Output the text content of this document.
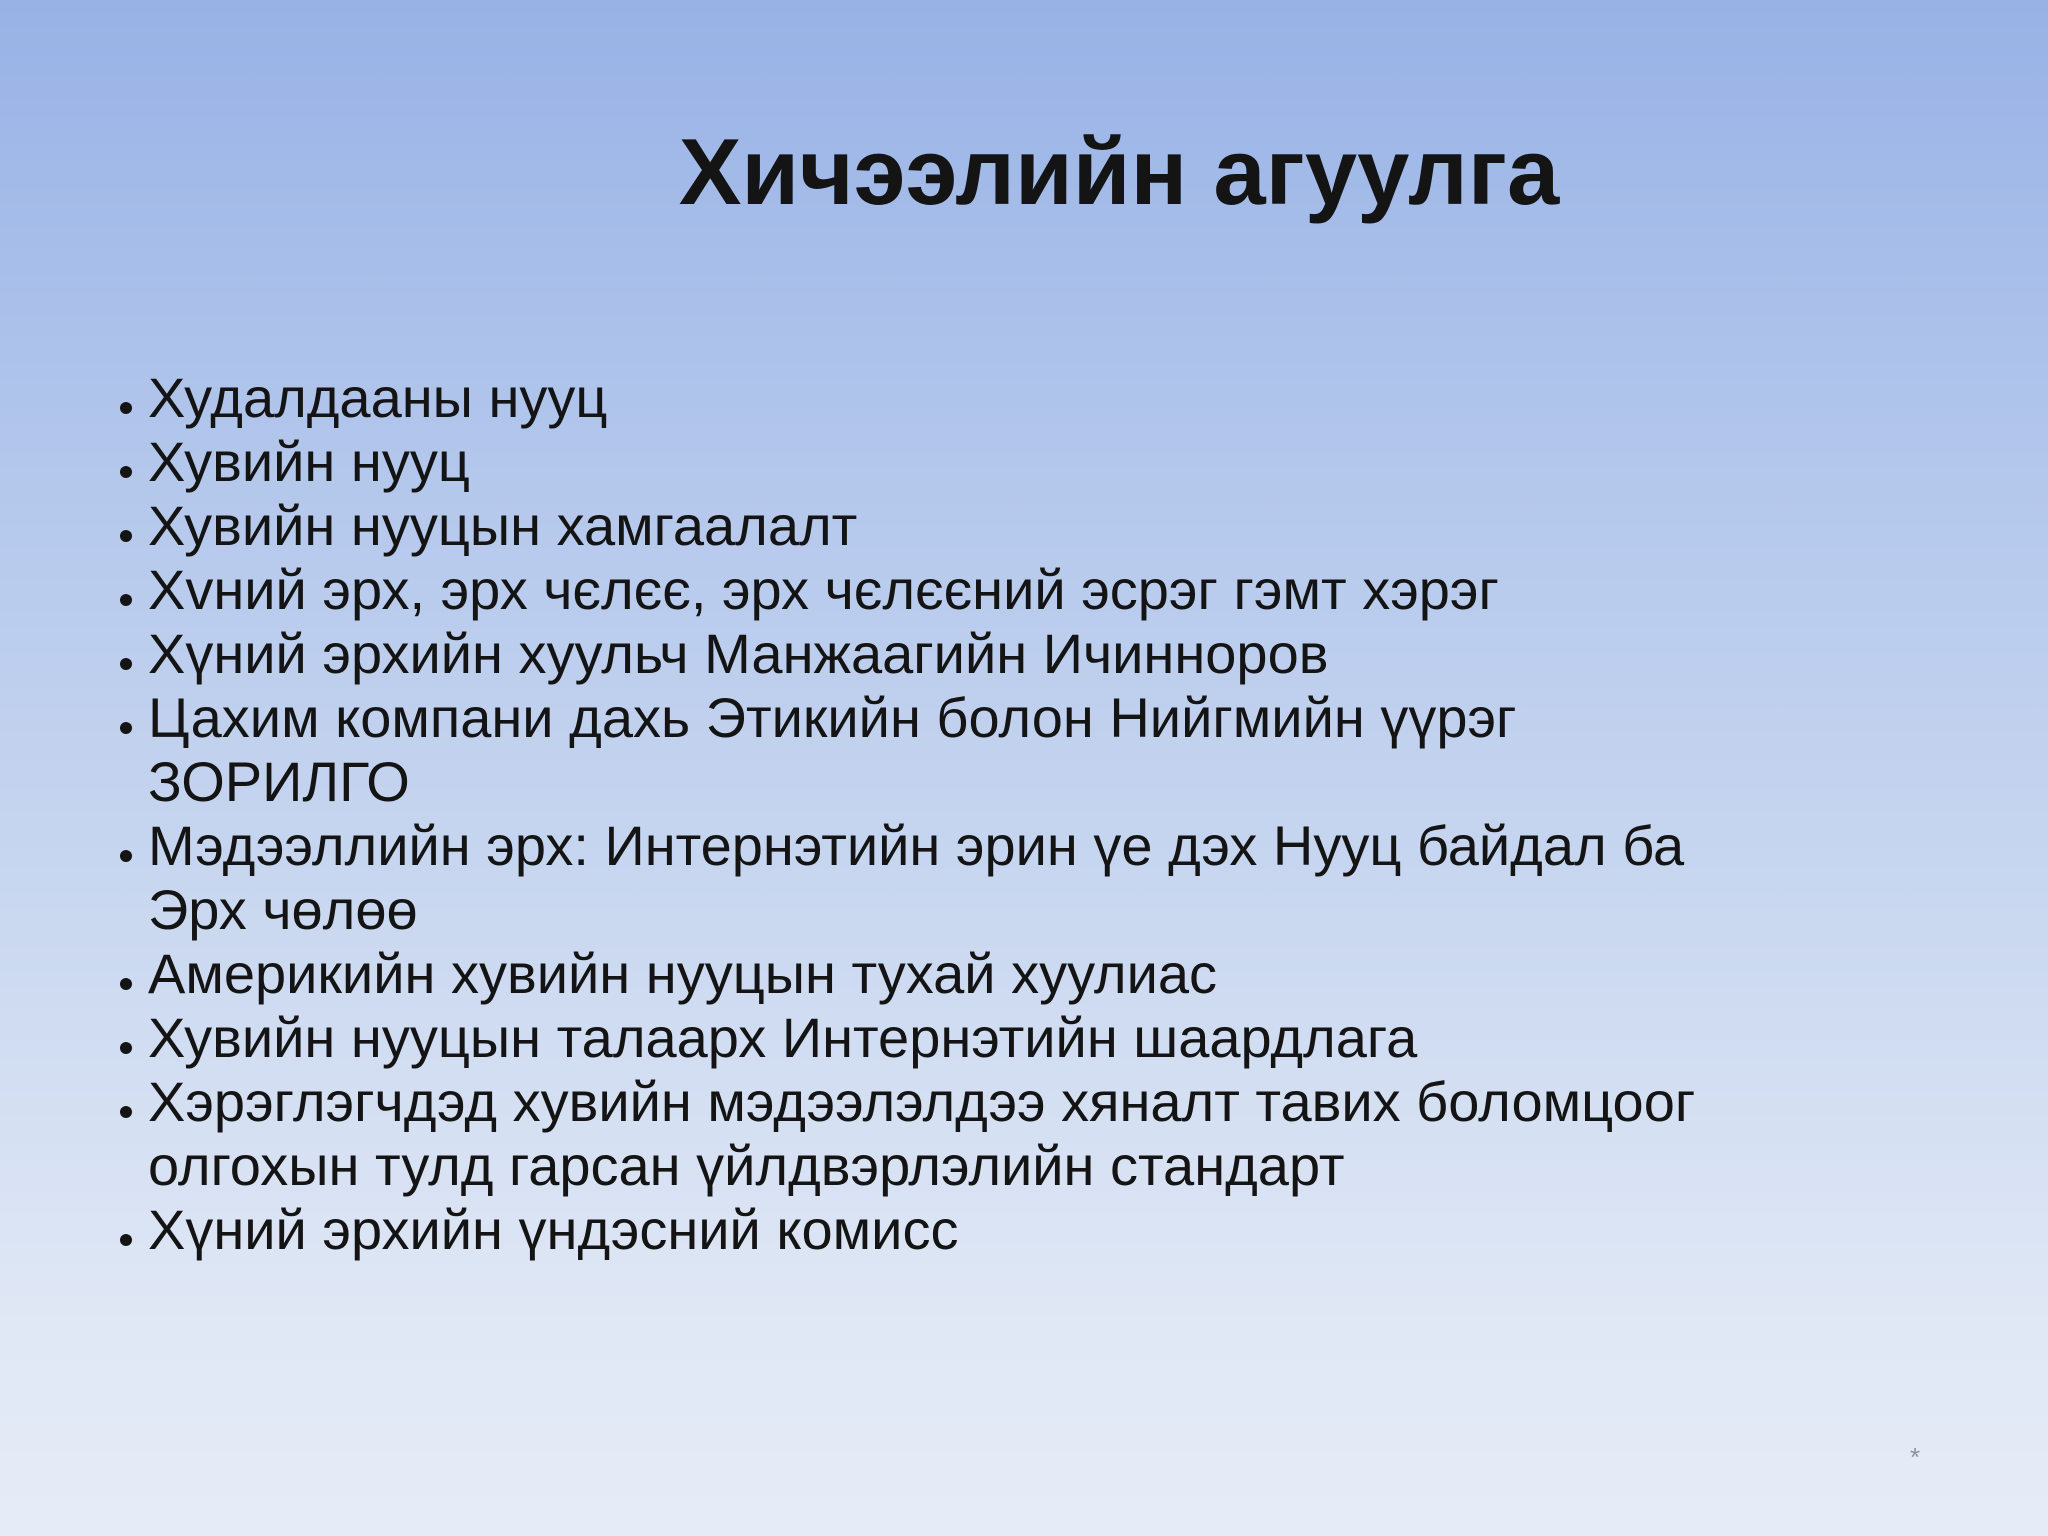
Хичээлийн агуулга
Худалдааны нууц
Хувийн нууц
Хувийн нууцын хамгаалалт
Хvний эрх, эрх чєлєє, эрх чєлєєний эсрэг гэмт хэрэг
Хүний эрхийн хуульч Манжаагийн Ичинноров
Цахим компани дахь Этикийн болон Нийгмийн үүрэг
ЗОРИЛГО
Мэдээллийн эрх: Интернэтийн эрин үе дэх Нууц байдал ба
Эрх чөлөө
Америкийн хувийн нууцын тухай хуулиас
Хувийн нууцын талаарх Интернэтийн шаардлага
Хэрэглэгчдэд хувийн мэдээлэлдээ хяналт тавих боломцоог
олгохын тулд гарсан үйлдвэрлэлийн стандарт
Хүний эрхийн үндэсний комисс
*
